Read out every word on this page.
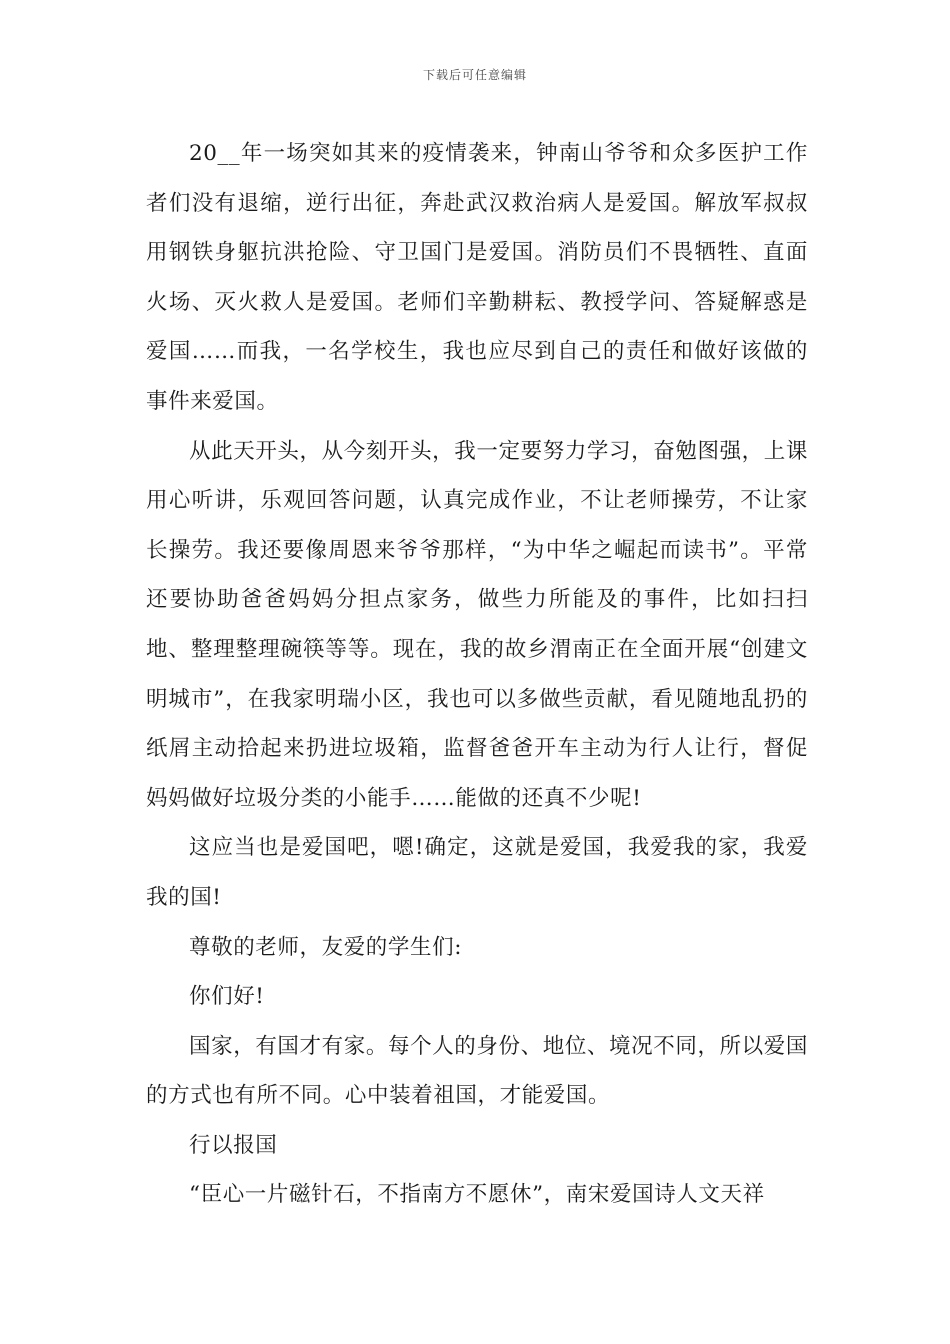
下载后可任意编辑

20__年一场突如其来的疫情袭来，钟南山爷爷和众多医护工作者们没有退缩，逆行出征，奔赴武汉救治病人是爱国。解放军叔叔用钢铁身躯抗洪抢险、守卫国门是爱国。消防员们不畏牺牲、直面火场、灭火救人是爱国。老师们辛勤耕耘、教授学问、答疑解惑是爱国……而我，一名学校生，我也应尽到自己的责任和做好该做的事件来爱国。

从此天开头，从今刻开头，我一定要努力学习，奋勉图强，上课用心听讲，乐观回答问题，认真完成作业，不让老师操劳，不让家长操劳。我还要像周恩来爷爷那样，“为中华之崛起而读书”。平常还要协助爸爸妈妈分担点家务，做些力所能及的事件，比如扫扫地、整理整理碗筷等等。现在，我的故乡渭南正在全面开展“创建文明城市”，在我家明瑞小区，我也可以多做些贡献，看见随地乱扔的纸屑主动拾起来扔进垃圾箱，监督爸爸开车主动为行人让行，督促妈妈做好垃圾分类的小能手……能做的还真不少呢!

这应当也是爱国吧，嗯!确定，这就是爱国，我爱我的家，我爱我的国!

尊敬的老师，友爱的学生们:

你们好!

国家，有国才有家。每个人的身份、地位、境况不同，所以爱国的方式也有所不同。心中装着祖国，才能爱国。

行以报国

“臣心一片磁针石，不指南方不愿休”，南宋爱国诗人文天祥
